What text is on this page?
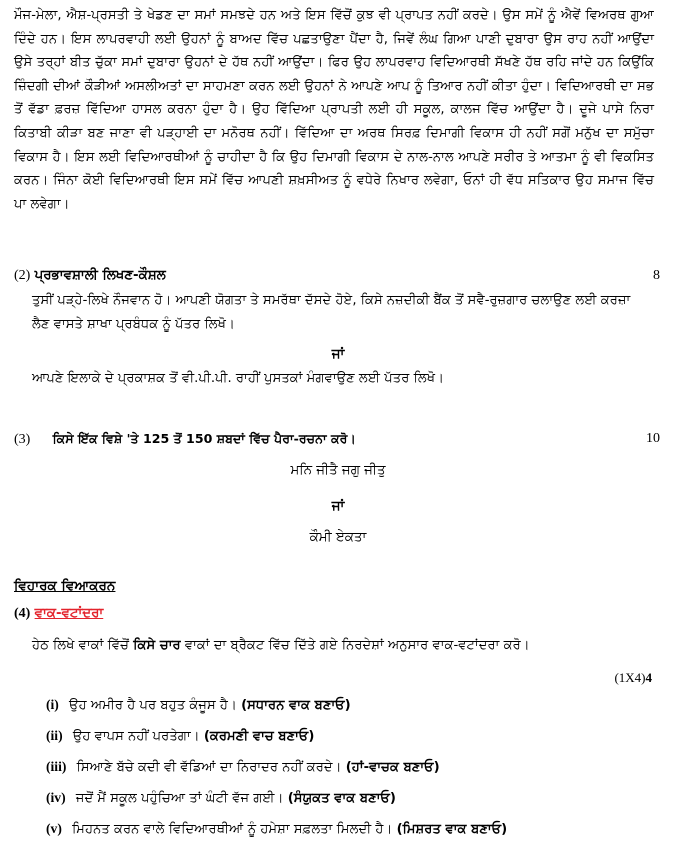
ਮੌਜ-ਮੇਲਾ, ਐਸ਼-ਪ੍ਰਸਤੀ ਤੇ ਖੇਡਣ ਦਾ ਸਮਾਂ ਸਮਝਦੇ ਹਨ ਅਤੇ ਇਸ ਵਿੱਚੋਂ ਕੁਝ ਵੀ ਪ੍ਰਾਪਤ ਨਹੀਂ ਕਰਦੇ। ਉਸ ਸਮੇਂ ਨੂੰ ਐਵੇਂ ਵਿਅਰਥ ਗੁਆ ਦਿੰਦੇ ਹਨ। ਇਸ ਲਾਪਰਵਾਹੀ ਲਈ ਉਹਨਾਂ ਨੂੰ ਬਾਅਦ ਵਿੱਚ ਪਛਤਾਉਣਾ ਪੈਂਦਾ ਹੈ, ਜਿਵੇਂ ਲੰਘ ਗਿਆ ਪਾਣੀ ਦੁਬਾਰਾ ਉਸ ਰਾਹ ਨਹੀਂ ਆਉਂਦਾ ਉਸੇ ਤਰ੍ਹਾਂ ਬੀਤ ਚੁੱਕਾ ਸਮਾਂ ਦੁਬਾਰਾ ਉਹਨਾਂ ਦੇ ਹੱਥ ਨਹੀਂ ਆਉਂਦਾ। ਫਿਰ ਉਹ ਲਾਪਰਵਾਹ ਵਿਦਿਆਰਥੀ ਸੱਖਣੇ ਹੱਥ ਰਹਿ ਜਾਂਦੇ ਹਨ ਕਿਉਂਕਿ ਜ਼ਿੰਦਗੀ ਦੀਆਂ ਕੌੜੀਆਂ ਅਸਲੀਅਤਾਂ ਦਾ ਸਾਹਮਣਾ ਕਰਨ ਲਈ ਉਹਨਾਂ ਨੇ ਆਪਣੇ ਆਪ ਨੂੰ ਤਿਆਰ ਨਹੀਂ ਕੀਤਾ ਹੁੰਦਾ। ਵਿਦਿਆਰਥੀ ਦਾ ਸਭ ਤੋਂ ਵੱਡਾ ਫ਼ਰਜ਼ ਵਿੱਦਿਆ ਹਾਸਲ ਕਰਨਾ ਹੁੰਦਾ ਹੈ। ਉਹ ਵਿੱਦਿਆ ਪ੍ਰਾਪਤੀ ਲਈ ਹੀ ਸਕੂਲ, ਕਾਲਜ ਵਿੱਚ ਆਉਂਦਾ ਹੈ। ਦੂਜੇ ਪਾਸੇ ਨਿਰਾ ਕਿਤਾਬੀ ਕੀੜਾ ਬਣ ਜਾਣਾ ਵੀ ਪੜ੍ਹਾਈ ਦਾ ਮਨੋਰਥ ਨਹੀਂ। ਵਿੱਦਿਆ ਦਾ ਅਰਥ ਸਿਰਫ਼ ਦਿਮਾਗੀ ਵਿਕਾਸ ਹੀ ਨਹੀਂ ਸਗੋਂ ਮਨੁੱਖ ਦਾ ਸਮੁੱਚਾ ਵਿਕਾਸ ਹੈ। ਇਸ ਲਈ ਵਿਦਿਆਰਥੀਆਂ ਨੂੰ ਚਾਹੀਦਾ ਹੈ ਕਿ ਉਹ ਦਿਮਾਗੀ ਵਿਕਾਸ ਦੇ ਨਾਲ-ਨਾਲ ਆਪਣੇ ਸਰੀਰ ਤੇ ਆਤਮਾ ਨੂੰ ਵੀ ਵਿਕਸਿਤ ਕਰਨ। ਜਿੰਨਾ ਕੋਈ ਵਿਦਿਆਰਥੀ ਇਸ ਸਮੇਂ ਵਿੱਚ ਆਪਣੀ ਸ਼ਖ਼ਸੀਅਤ ਨੂੰ ਵਧੇਰੇ ਨਿਖਾਰ ਲਵੇਗਾ, ਓਨਾਂ ਹੀ ਵੱਧ ਸਤਿਕਾਰ ਉਹ ਸਮਾਜ ਵਿੱਚ ਪਾ ਲਵੇਗਾ।
(2) ਪ੍ਰਭਾਵਸ਼ਾਲੀ ਲਿਖਣ-ਕੌਸ਼ਲ	8
ਤੁਸੀਂ ਪੜ੍ਹੇ-ਲਿਖੇ ਨੌਜਵਾਨ ਹੋ। ਆਪਣੀ ਯੋਗਤਾ ਤੇ ਸਮਰੱਥਾ ਦੱਸਦੇ ਹੋਏ, ਕਿਸੇ ਨਜ਼ਦੀਕੀ ਬੈਂਕ ਤੋਂ ਸਵੈ-ਰੁਜ਼ਗਾਰ ਚਲਾਉਣ ਲਈ ਕਰਜ਼ਾ ਲੈਣ ਵਾਸਤੇ ਸ਼ਾਖਾ ਪ੍ਰਬੰਧਕ ਨੂੰ ਪੱਤਰ ਲਿਖੋ।
ਜਾਂ
ਆਪਣੇ ਇਲਾਕੇ ਦੇ ਪ੍ਰਕਾਸ਼ਕ ਤੋਂ ਵੀ.ਪੀ.ਪੀ. ਰਾਹੀਂ ਪੁਸਤਕਾਂ ਮੰਗਵਾਉਣ ਲਈ ਪੱਤਰ ਲਿਖੋ।
(3) ਕਿਸੇ ਇੱਕ ਵਿਸ਼ੇ 'ਤੇ 125 ਤੋਂ 150 ਸ਼ਬਦਾਂ ਵਿੱਚ ਪੈਰਾ-ਰਚਨਾ ਕਰੋ।	10
ਮਨਿ ਜੀਤੈ ਜਗੁ ਜੀਤੁ
ਜਾਂ
ਕੌਮੀ ਏਕਤਾ
ਵਿਹਾਰਕ ਵਿਆਕਰਨ
(4) ਵਾਕ-ਵਟਾਂਦਰਾ
ਹੇਠ ਲਿਖੇ ਵਾਕਾਂ ਵਿੱਚੋਂ ਕਿਸੇ ਚਾਰ ਵਾਕਾਂ ਦਾ ਬ੍ਰੈਕਟ ਵਿੱਚ ਦਿੱਤੇ ਗਏ ਨਿਰਦੇਸ਼ਾਂ ਅਨੁਸਾਰ ਵਾਕ-ਵਟਾਂਦਰਾ ਕਰੋ।
(1X4)4
(i) ਉਹ ਅਮੀਰ ਹੈ ਪਰ ਬਹੁਤ ਕੰਜੂਸ ਹੈ। (ਸਧਾਰਨ ਵਾਕ ਬਣਾਓ)
(ii) ਉਹ ਵਾਪਸ ਨਹੀਂ ਪਰਤੇਗਾ। (ਕਰਮਣੀ ਵਾਚ ਬਣਾਓ)
(iii) ਸਿਆਣੇ ਬੱਚੇ ਕਦੀ ਵੀ ਵੱਡਿਆਂ ਦਾ ਨਿਰਾਦਰ ਨਹੀਂ ਕਰਦੇ। (ਹਾਂ-ਵਾਚਕ ਬਣਾਓ)
(iv) ਜਦੋਂ ਮੈਂ ਸਕੂਲ ਪਹੁੰਚਿਆ ਤਾਂ ਘੰਟੀ ਵੱਜ ਗਈ। (ਸੰਯੁਕਤ ਵਾਕ ਬਣਾਓ)
(v) ਮਿਹਨਤ ਕਰਨ ਵਾਲੇ ਵਿਦਿਆਰਥੀਆਂ ਨੂੰ ਹਮੇਸ਼ਾ ਸਫ਼ਲਤਾ ਮਿਲਦੀ ਹੈ। (ਮਿਸ਼ਰਤ ਵਾਕ ਬਣਾਓ)
